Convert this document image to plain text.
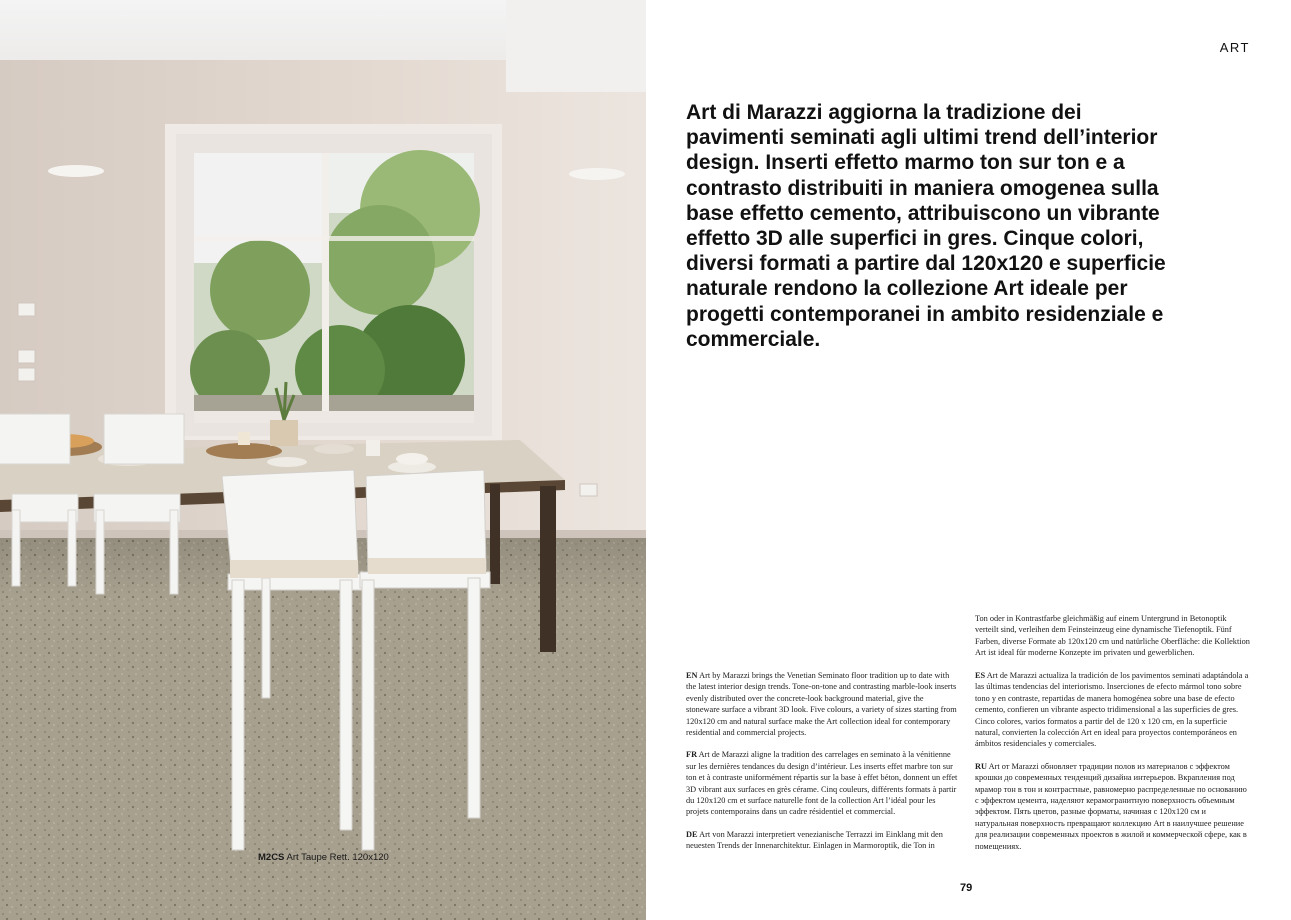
M2CS Art Taupe Rett. 120x120
ART
Art di Marazzi aggiorna la tradizione dei pavimenti seminati agli ultimi trend dell’interior design. Inserti effetto marmo ton sur ton e a contrasto distribuiti in maniera omogenea sulla base effetto cemento, attribuiscono un vibrante effetto 3D alle superfici in gres. Cinque colori, diversi formati a partire dal 120x120 e superficie naturale rendono la collezione Art ideale per progetti contemporanei in ambito residenziale e commerciale.

Ton oder in Kontrastfarbe gleichmäßig auf einem Untergrund in Betonoptik verteilt sind, verleihen dem Feinsteinzeug eine dynamische Tiefenoptik. Fünf Farben, diverse Formate ab 120x120 cm und natürliche Oberfläche: die Kollektion Art ist ideal für moderne Konzepte im privaten und gewerblichen.

EN Art by Marazzi brings the Venetian Seminato floor tradition up to date with the latest interior design trends. Tone-on-tone and contrasting marble-look inserts evenly distributed over the concrete-look background material, give the stoneware surface a vibrant 3D look. Five colours, a variety of sizes starting from 120x120 cm and natural surface make the Art collection ideal for contemporary residential and commercial projects.

FR Art de Marazzi aligne la tradition des carrelages en seminato à la vénitienne sur les dernières tendances du design d’intérieur. Les inserts effet marbre ton sur ton et à contraste uniformément répartis sur la base à effet béton, donnent un effet 3D vibrant aux surfaces en grès cérame. Cinq couleurs, différents formats à partir du 120x120 cm et surface naturelle font de la collection Art l’idéal pour les projets contemporains dans un cadre résidentiel et commercial.

DE Art von Marazzi interpretiert venezianische Terrazzi im Einklang mit den neuesten Trends der Innenarchitektur. Einlagen in Marmoroptik, die Ton in

ES Art de Marazzi actualiza la tradición de los pavimentos seminati adaptándola a las últimas tendencias del interiorismo. Inserciones de efecto mármol tono sobre tono y en contraste, repartidas de manera homogénea sobre una base de efecto cemento, confieren un vibrante aspecto tridimensional a las superficies de gres. Cinco colores, varios formatos a partir del de 120 x 120 cm, en la superficie natural, convierten la colección Art en ideal para proyectos contemporáneos en ámbitos residenciales y comerciales.

RU Art от Marazzi обновляет традиции полов из материалов с эффектом крошки до современных тенденций дизайна интерьеров. Вкрапления под мрамор тон в тон и контрастные, равномерно распределенные по основанию с эффектом цемента, наделяют керамогранитную поверхность объемным эффектом. Пять цветов, разные форматы, начиная с 120x120 см и натуральная поверхность превращают коллекцию Art в наилучшее решение для реализации современных проектов в жилой и коммерческой сфере, как в помещениях.

79
